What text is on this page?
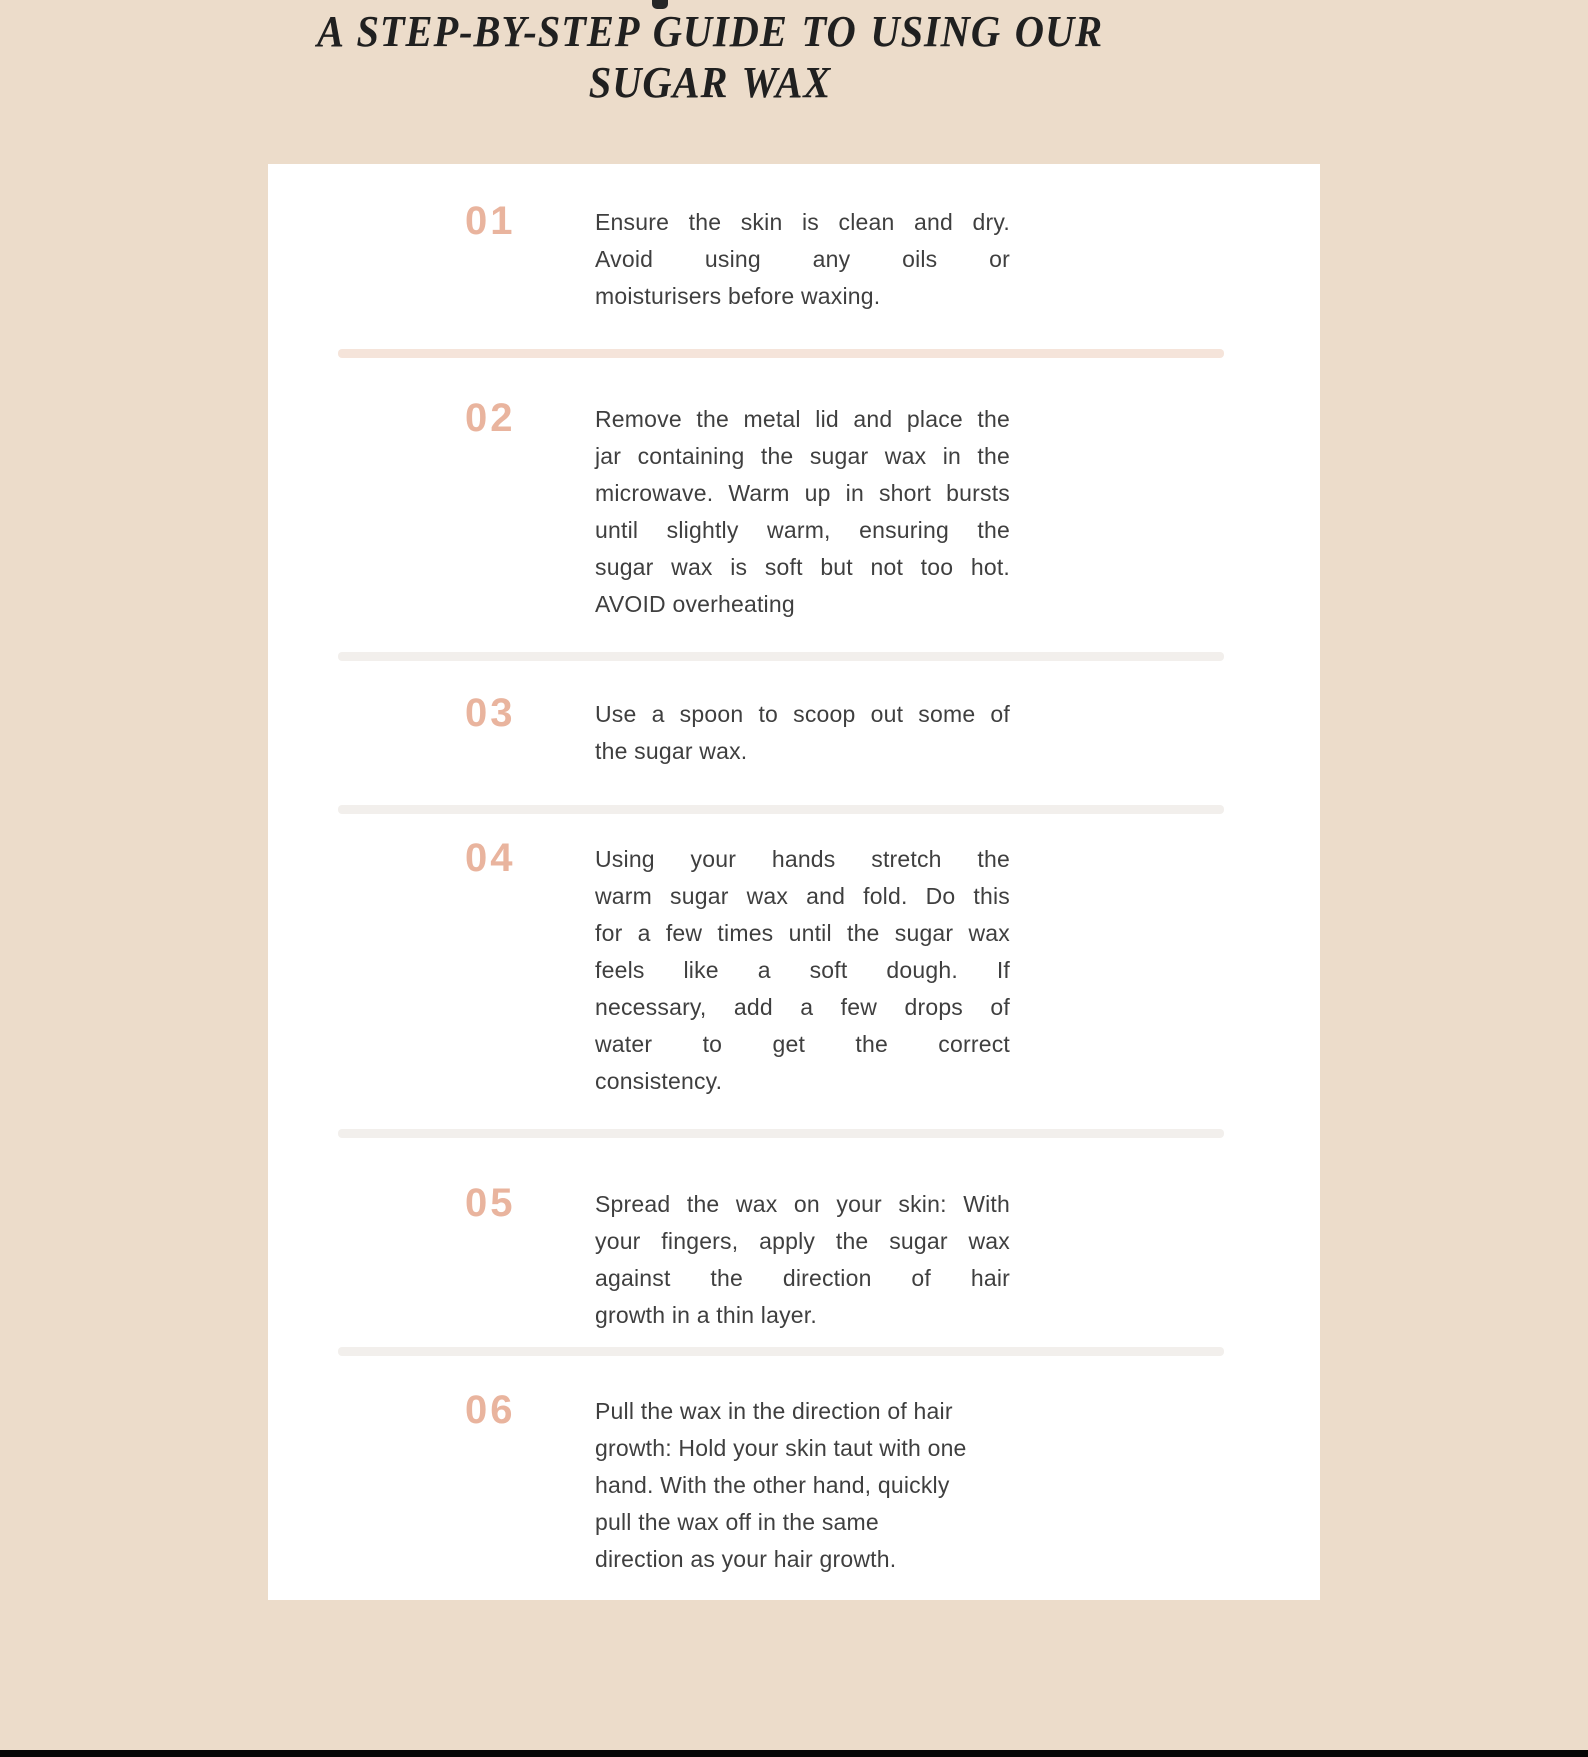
A STEP-BY-STEP GUIDE TO USING OUR
SUGAR WAX
01	Ensure the skin is clean and dry.
Avoid using any oils or
moisturisers before waxing.
02	Remove the metal lid and place the
jar containing the sugar wax in the
microwave. Warm up in short bursts
until slightly warm, ensuring the
sugar wax is soft but not too hot.
AVOID overheating
03	Use a spoon to scoop out some of
the sugar wax.
04	Using your hands stretch the
warm sugar wax and fold. Do this
for a few times until the sugar wax
feels like a soft dough. If
necessary, add a few drops of
water to get the correct
consistency.
05	Spread the wax on your skin: With
your fingers, apply the sugar wax
against the direction of hair
growth in a thin layer.
06	Pull the wax in the direction of hair
growth: Hold your skin taut with one
hand. With the other hand, quickly
pull the wax off in the same
direction as your hair growth.
